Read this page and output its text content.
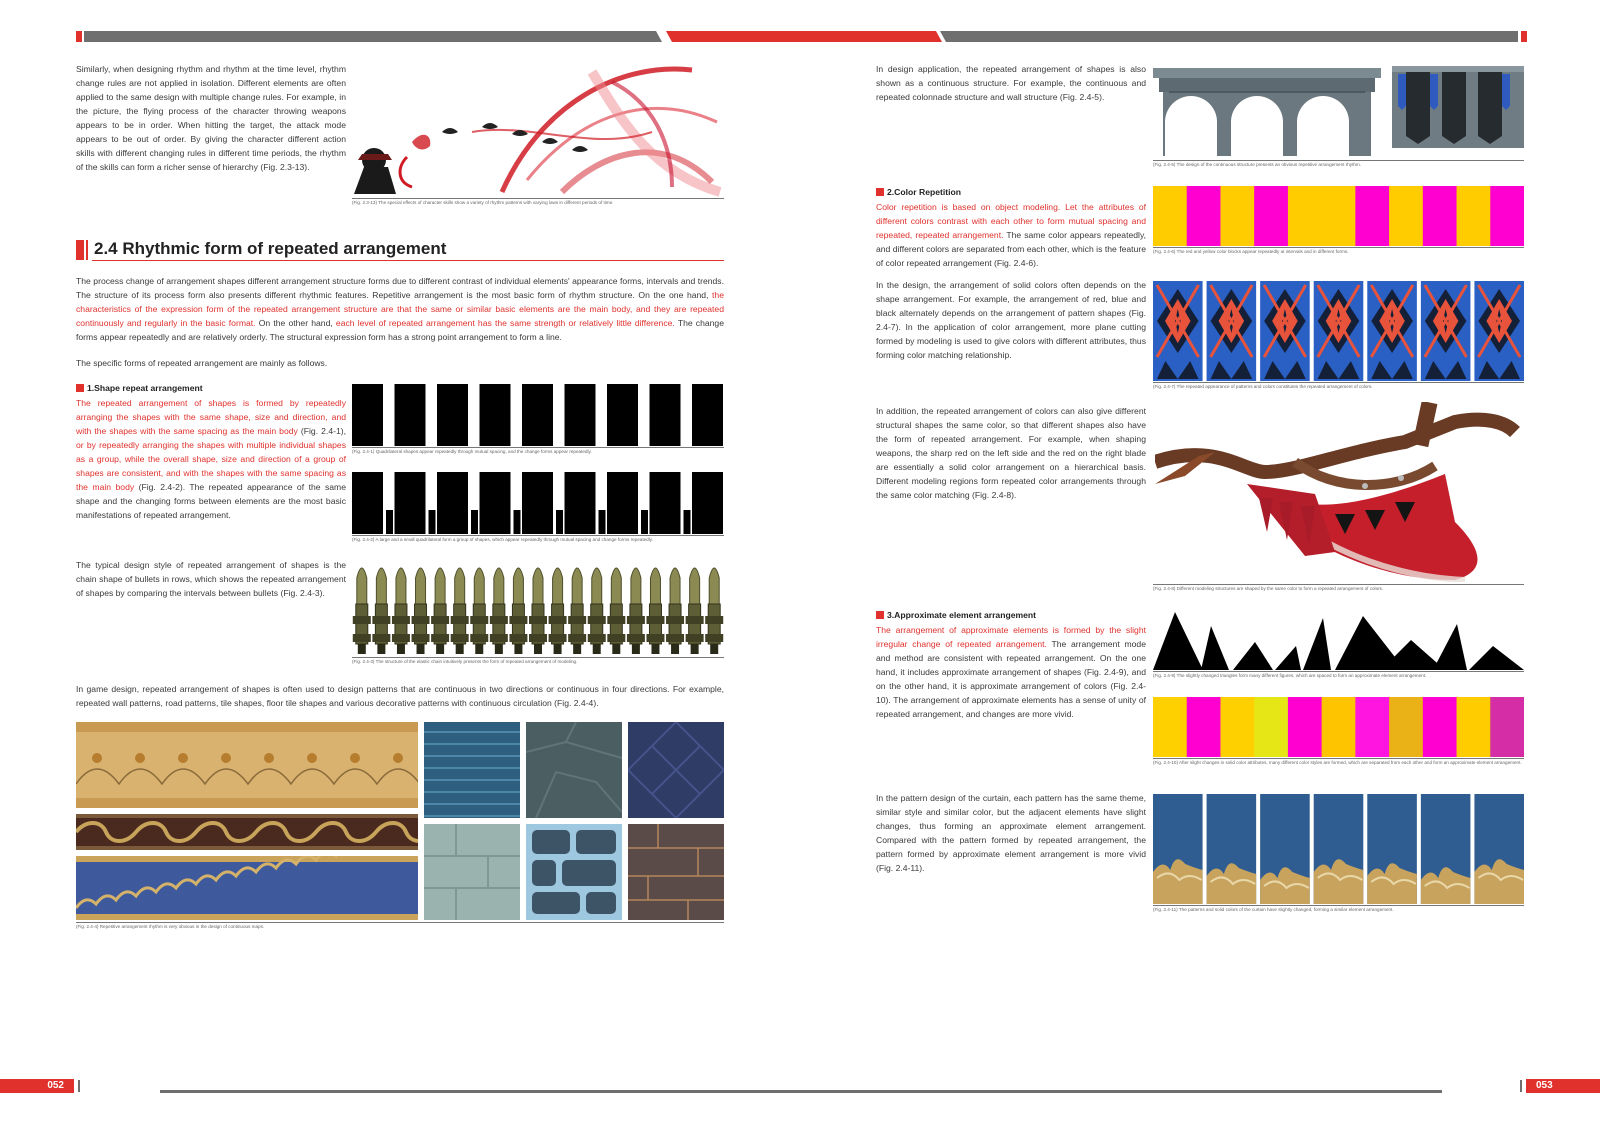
Similarly, when designing rhythm and rhythm at the time level, rhythm change rules are not applied in isolation. Different elements are often applied to the same design with multiple change rules. For example, in the picture, the flying process of the character throwing weapons appears to be in order. When hitting the target, the attack mode appears to be out of order. By giving the character different action skills with different changing rules in different time periods, the rhythm of the skills can form a richer sense of hierarchy (Fig. 2.3-13).
(Fig. 2.3-13) The special effects of character skills show a variety of rhythm patterns with varying laws in different periods of time.
2.4 Rhythmic form of repeated arrangement
The process change of arrangement shapes different arrangement structure forms due to different contrast of individual elements' appearance forms, intervals and trends. The structure of its process form also presents different rhythmic features. Repetitive arrangement is the most basic form of rhythm structure. On the one hand, the characteristics of the expression form of the repeated arrangement structure are that the same or similar basic elements are the main body, and they are repeated continuously and regularly in the basic format. On the other hand, each level of repeated arrangement has the same strength or relatively little difference. The change forms appear repeatedly and are relatively orderly. The structural expression form has a strong point arrangement to form a line.
The specific forms of repeated arrangement are mainly as follows.
1.Shape repeat arrangement
The repeated arrangement of shapes is formed by repeatedly arranging the shapes with the same shape, size and direction, and with the shapes with the same spacing as the main body (Fig. 2.4-1), or by repeatedly arranging the shapes with multiple individual shapes as a group, while the overall shape, size and direction of a group of shapes are consistent, and with the shapes with the same spacing as the main body (Fig. 2.4-2). The repeated appearance of the same shape and the changing forms between elements are the most basic manifestations of repeated arrangement.
(Fig. 2.4-1) Quadrilateral shapes appear repeatedly through mutual spacing, and the change forms appear repeatedly.
(Fig. 2.4-2) A large and a small quadrilateral form a group of shapes, which appear repeatedly through mutual spacing and change forms repeatedly.
The typical design style of repeated arrangement of shapes is the chain shape of bullets in rows, which shows the repeated arrangement of shapes by comparing the intervals between bullets (Fig. 2.4-3).
(Fig. 2.4-3) The structure of the elastic chain intuitively presents the form of repeated arrangement of modeling.
In game design, repeated arrangement of shapes is often used to design patterns that are continuous in two directions or continuous in four directions. For example, repeated wall patterns, road patterns, tile shapes, floor tile shapes and various decorative patterns with continuous circulation (Fig. 2.4-4).
(Fig. 2.4-4) Repetitive arrangement rhythm is very obvious in the design of continuous maps.
In design application, the repeated arrangement of shapes is also shown as a continuous structure. For example, the continuous and repeated colonnade structure and wall structure (Fig. 2.4-5).
(Fig. 2.4-5) The design of the continuous structure presents an obvious repetitive arrangement rhythm.
2.Color Repetition
Color repetition is based on object modeling. Let the attributes of different colors contrast with each other to form mutual spacing and repeated, repeated arrangement. The same color appears repeatedly, and different colors are separated from each other, which is the feature of color repeated arrangement (Fig. 2.4-6).
(Fig. 2.4-6) The red and yellow color blocks appear repeatedly at intervals and in different forms.
In the design, the arrangement of solid colors often depends on the shape arrangement. For example, the arrangement of red, blue and black alternately depends on the arrangement of pattern shapes (Fig. 2.4-7). In the application of color arrangement, more plane cutting formed by modeling is used to give colors with different attributes, thus forming color matching relationship.
(Fig. 2.4-7) The repeated appearance of patterns and colors constitutes the repeated arrangement of colors.
In addition, the repeated arrangement of colors can also give different structural shapes the same color, so that different shapes also have the form of repeated arrangement. For example, when shaping weapons, the sharp red on the left side and the red on the right blade are essentially a solid color arrangement on a hierarchical basis. Different modeling regions form repeated color arrangements through the same color matching (Fig. 2.4-8).
(Fig. 2.4-8) Different modeling structures are shaped by the same color to form a repeated arrangement of colors.
3.Approximate element arrangement
The arrangement of approximate elements is formed by the slight irregular change of repeated arrangement. The arrangement mode and method are consistent with repeated arrangement. On the one hand, it includes approximate arrangement of shapes (Fig. 2.4-9), and on the other hand, it is approximate arrangement of colors (Fig. 2.4-10). The arrangement of approximate elements has a sense of unity of repeated arrangement, and changes are more vivid.
(Fig. 2.4-9) The slightly changed triangles form many different figures, which are spaced to form an approximate element arrangement.
(Fig. 2.4-10) After slight changes in solid color attributes, many different color styles are formed, which are separated from each other and form an approximate element arrangement.
In the pattern design of the curtain, each pattern has the same theme, similar style and similar color, but the adjacent elements have slight changes, thus forming an approximate element arrangement. Compared with the pattern formed by repeated arrangement, the pattern formed by approximate element arrangement is more vivid (Fig. 2.4-11).
(Fig. 2.4-11) The patterns and solid colors of the curtain have slightly changed, forming a similar element arrangement.
052	053
